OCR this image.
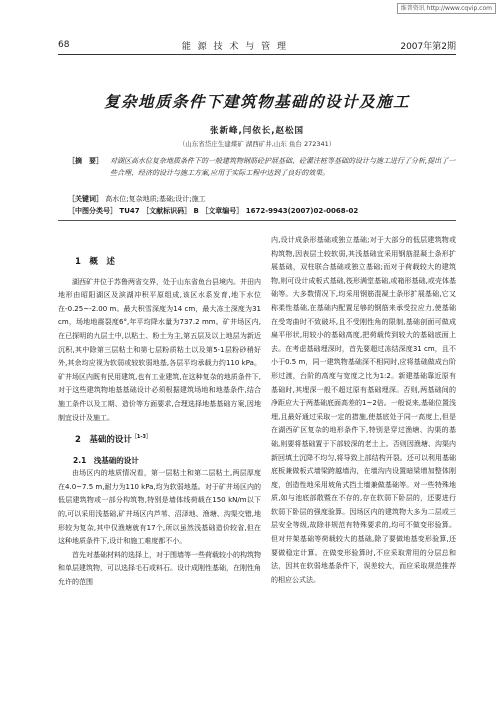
维普资讯 http://www.cqvip.com
68	能 源 技 术 与 管 理	2007年第2期
复杂地质条件下建筑物基础的设计及施工
张新峰,闫依长,赵松国
（山东省岱庄生建煤矿 湖西矿井,山东 鱼台 272341）
［摘　要］	对湖区高水位复杂地质条件下的一般建筑物钢筋砼护展基础、砼灌注桩等基础的设计与施工进行了分析,提出了一些合理、经济的设计与施工方案,应用于实际工程中达到了良好的效果。
［关键词］ 高水位;复杂地质;基础;设计;施工
［中图分类号］ TU47 ［文献标识码］ B ［文章编号］ 1672-9943(2007)02-0068-02

1　概　述

湖西矿井位于苏鲁两省交界，处于山东省鱼台县境内。井田内地形由昭阳湖区及滨湖冲积平原组成,该区水系发育,地下水位在-0.25~-2.00 m。最大积雪深度为14 cm，最大冻土深度为31 cm，场地地震裂度6°,年平均降水量为737.2 mm。矿井场区内,在已探明的九层土中,以粘土、粉土为主,第五层及以上地层为新近沉积,其中除第三层粘土和第七层粉质粘土以及第5-1层粉砂稍好外,其余均应视为软弱或较软弱地基,各层平均承载力约110 kPa。矿井场区内既有民用建筑,也有工业建筑,在这种复杂的地质条件下,对于这些建筑物地基基础设计必须根据建筑场地和地基条件,结合施工条件以及工期、造价等方面要求,合理选择地基基础方案,因地制宜设计及施工。

2　基础的设计$^{[1-3]}$

2.1　浅基础的设计

由场区内的地质情况看，第一层粘土和第二层粘土,两层厚度在4.0~7.5 m,耐力为110 kPa,均为软弱地基。对于矿井场区内的低层建筑物或一部分构筑物,特别是墙体线荷载在150 kN/m以下的,可以采用浅基础,矿井场区内芦苇、沼泽地、渔塘、沟渠交错,地形较为复杂,其中仅渔塘就有17个,所以虽然浅基础造价较省,但在这种地质条件下,设计和施工难度都不小。

首先对基础材料的选择上，对于围墙等一些荷载较小的构筑物和单层建筑物，可以选择毛石或料石。设计成刚性基础，在刚性角允许的范围

内,设计成条形基础或独立基础;对于大部分的低层建筑物或构筑物,因表层土较软弱,其浅基础宜采用钢筋混凝土条形扩展基础，双柱联合基础或独立基础;而对于荷载较大的建筑物,则可设计成板式基础,筏形满堂基础,或箱形基础,或壳体基础等。大多数情况下,均采用钢筋混凝土条形扩展基础,它又称柔性基础,在基础内配置足够的钢筋来承受拉应力,使基础在受弯曲时不致破坏,且不受刚性角的限制,基础剖面可做成扁平形状,用较小的基础高度,把荷载传到较大的基础底面上去。在考虑基础埋深时，首先要超过冻结深度31 cm，且不小于0.5 m，同一建筑物基础深不相同时,应将基础做成台阶形过渡，台阶的高度与宽度之比为1:2。新建基础靠近原有基础时,其埋深一般不超过原有基础埋深。否则,两基础间的净距应大于两基础底面高差的1~2倍。一般说来,基础位置浅埋,且最好通过采取一定的措施,使基底处于同一高度上,但是在湖西矿区复杂的地形条件下,特别是穿过渔塘、沟渠的基础,则要将基础置于下部较深的老土上。否则因渔塘、沟渠内新回填土沉降不均匀,将导致上部结构开裂。还可以利用基础底板兼做板式墙梁跨越墙沟，在墙沟内设置暗梁增加整体刚度，创造性地采用坡角式挡土墙兼做基础等。对一些特殊地质,如与池底部散暨在不存的,存在软弱下卧层的，还要进行软弱下卧层的强度验算。因场区内的建筑物大多为二层或三层安全等级,故除非规范有特殊要求的,均可不做变形验算。但对井架基础等荷载较大的基础,除了要做地基变形验算,还要做稳定计算。在做变形验算时,不应采取常用的分层总和法，因其在软弱地基条件下，误差较大，而应采取规范推荐的相应公式法。
